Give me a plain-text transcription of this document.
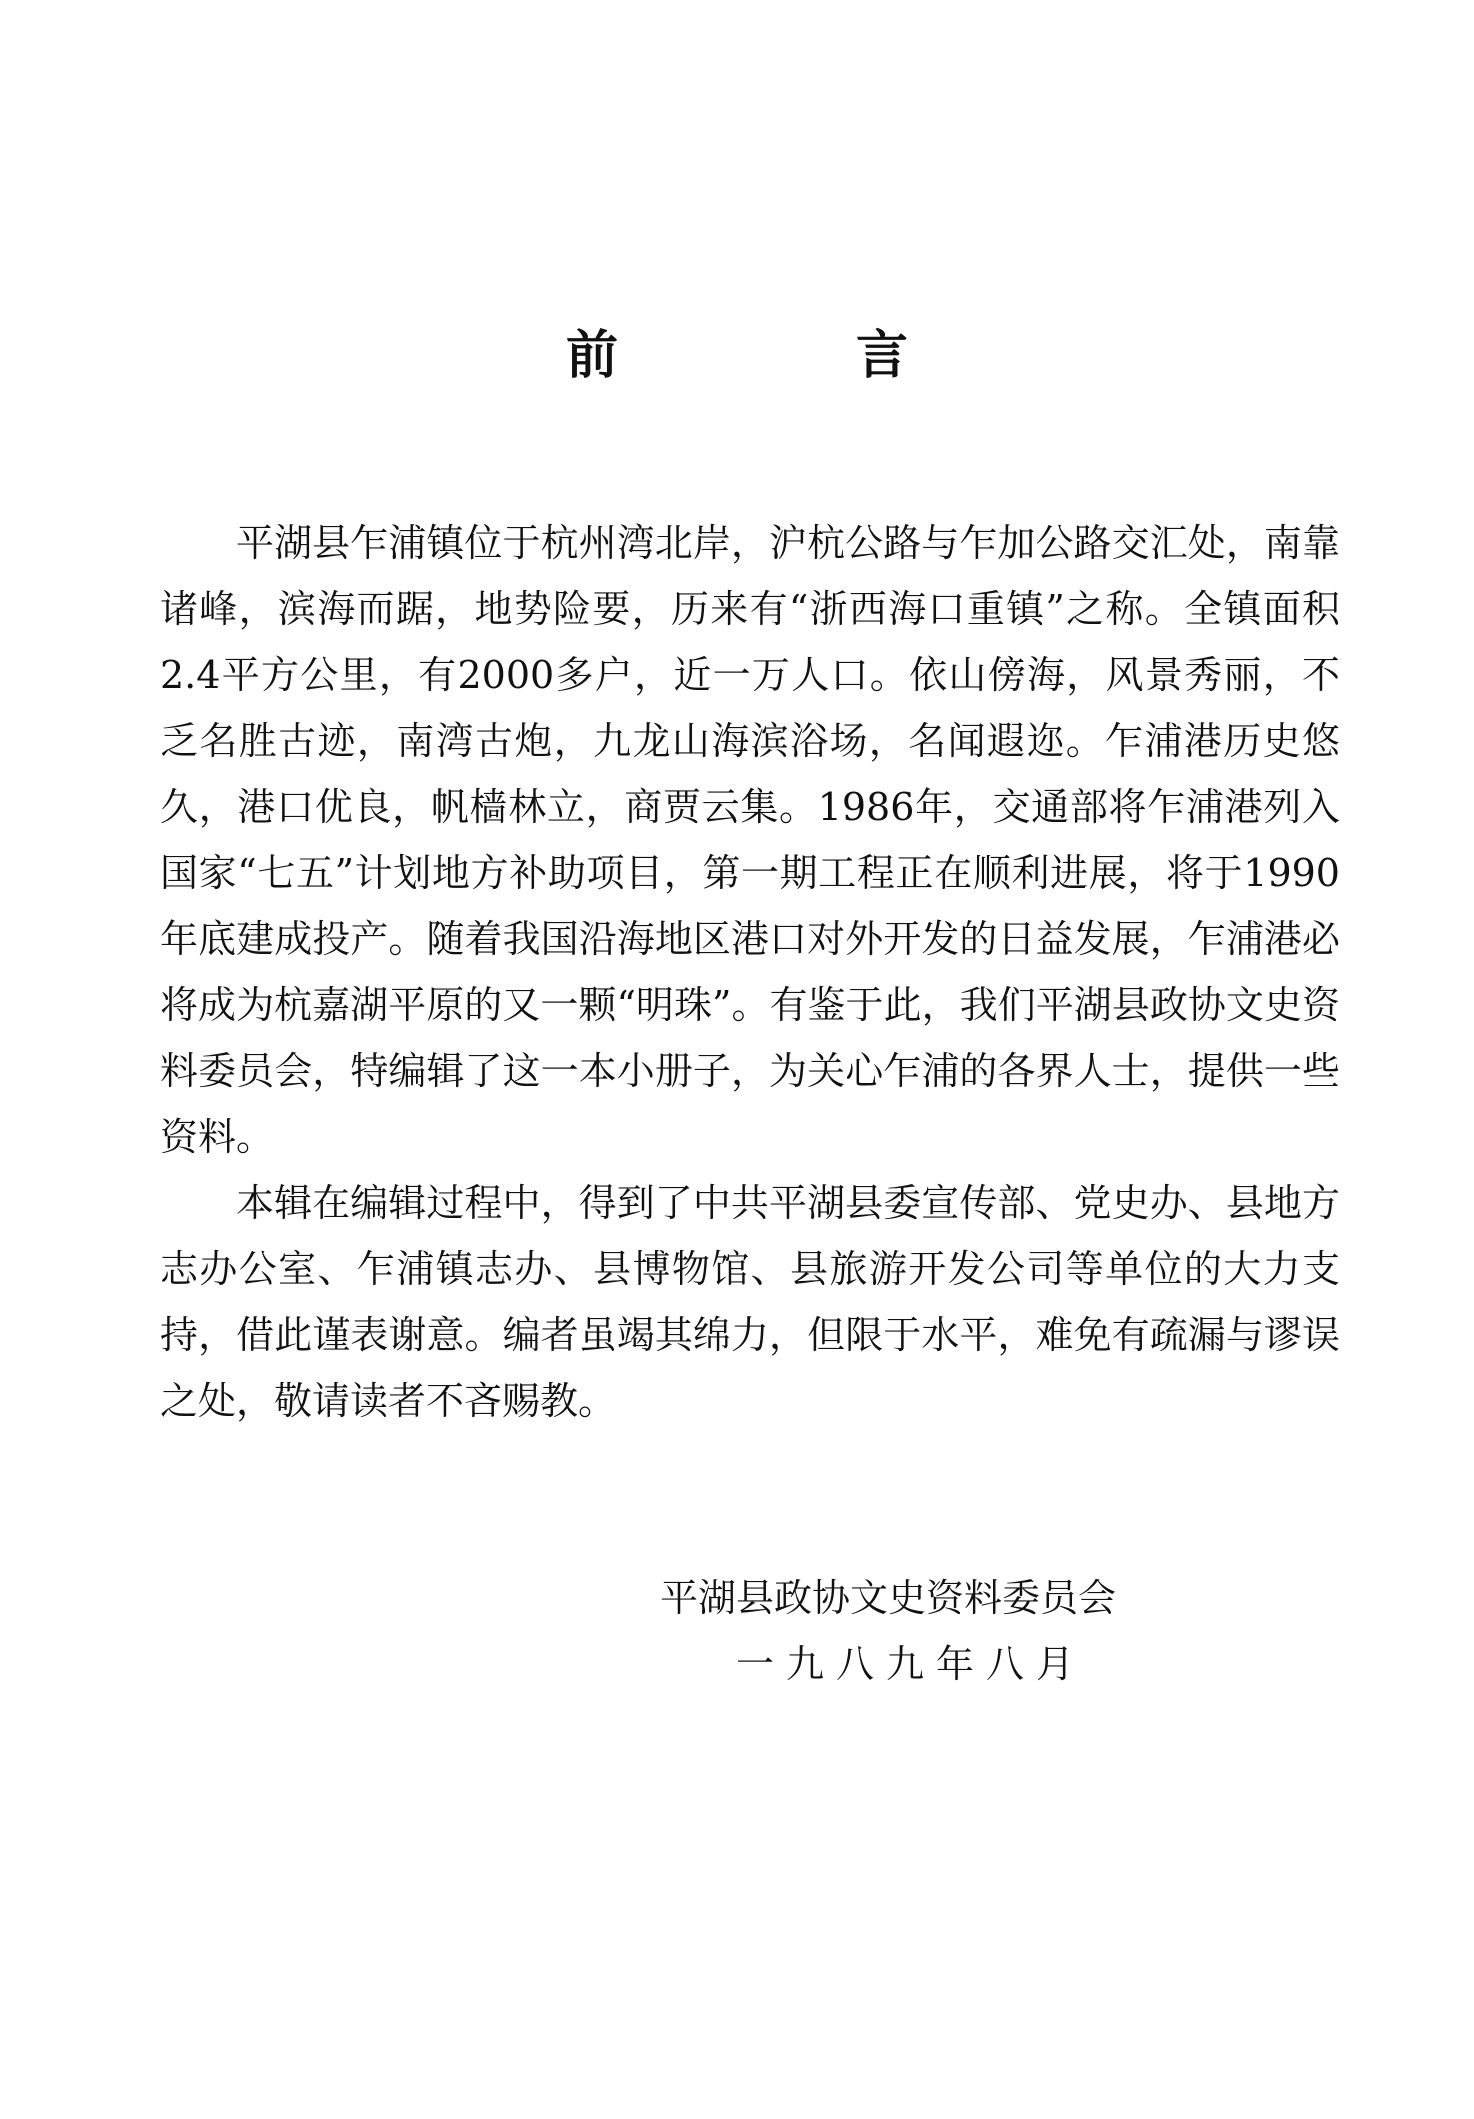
前 言

平湖县乍浦镇位于杭州湾北岸，沪杭公路与乍加公路交汇处，南靠诸峰，滨海而踞，地势险要，历来有“浙西海口重镇”之称。全镇面积2.4平方公里，有2000多户，近一万人口。依山傍海，风景秀丽，不乏名胜古迹，南湾古炮，九龙山海滨浴场，名闻遐迩。乍浦港历史悠久，港口优良，帆樯林立，商贾云集。1986年，交通部将乍浦港列入国家“七五”计划地方补助项目，第一期工程正在顺利进展，将于1990年底建成投产。随着我国沿海地区港口对外开发的日益发展，乍浦港必将成为杭嘉湖平原的又一颗“明珠”。有鉴于此，我们平湖县政协文史资料委员会，特编辑了这一本小册子，为关心乍浦的各界人士，提供一些资料。

本辑在编辑过程中，得到了中共平湖县委宣传部、党史办、县地方志办公室、乍浦镇志办、县博物馆、县旅游开发公司等单位的大力支持，借此谨表谢意。编者虽竭其绵力，但限于水平，难免有疏漏与谬误之处，敬请读者不吝赐教。

平湖县政协文史资料委员会
一九八九年八月
